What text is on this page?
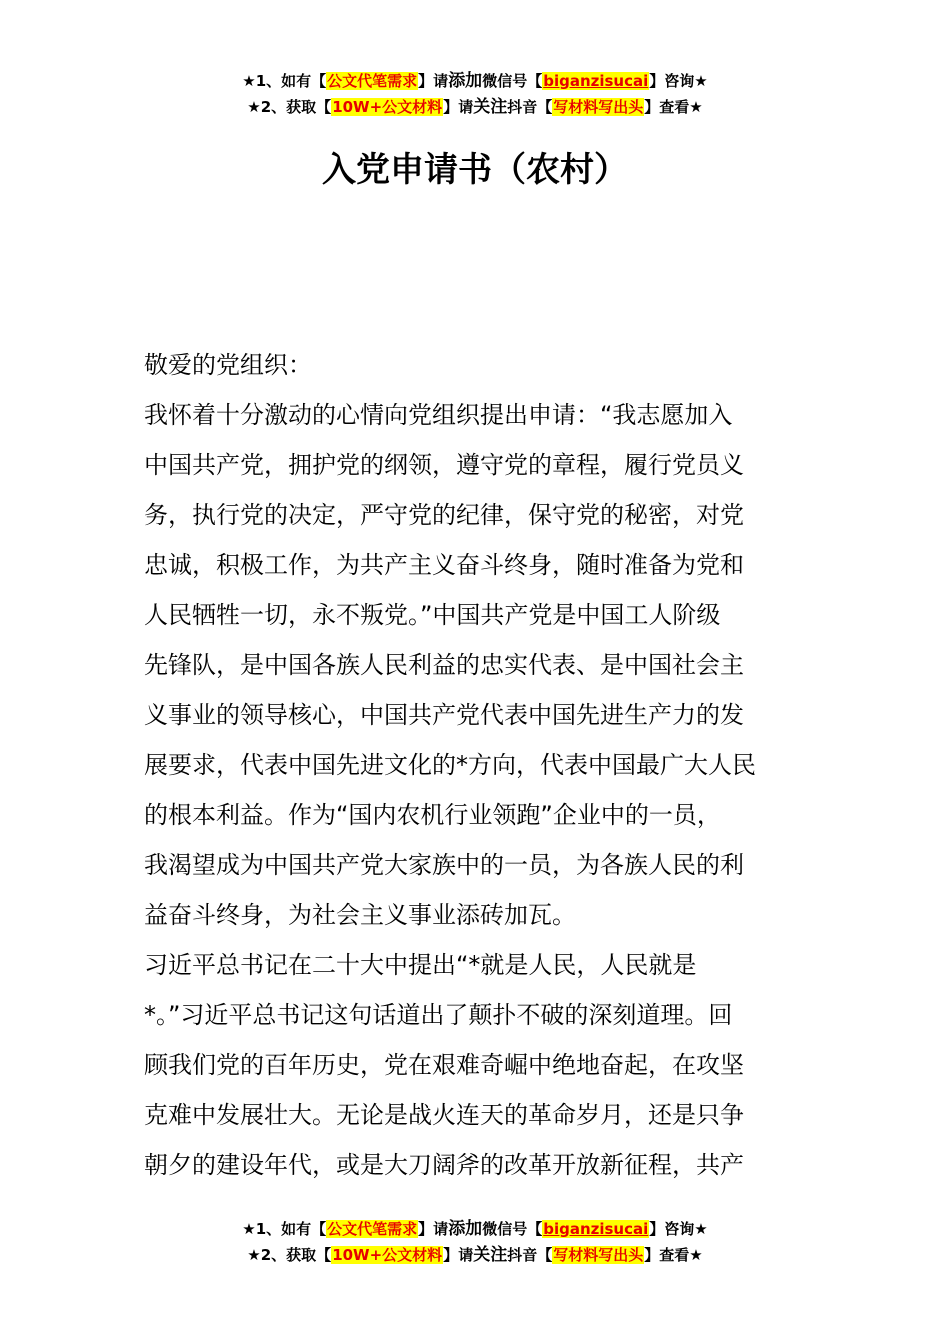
★1、如有【公文代笔需求】请添加微信号【biganzisucai】咨询★
★2、获取【10W+公文材料】请关注抖音【写材料写出头】查看★
入党申请书（农村）
敬爱的党组织：
我怀着十分激动的心情向党组织提出申请：“我志愿加入
中国共产党，拥护党的纲领，遵守党的章程，履行党员义
务，执行党的决定，严守党的纪律，保守党的秘密，对党
忠诚，积极工作，为共产主义奋斗终身，随时准备为党和
人民牺牲一切，永不叛党。”中国共产党是中国工人阶级
先锋队，是中国各族人民利益的忠实代表、是中国社会主
义事业的领导核心，中国共产党代表中国先进生产力的发
展要求，代表中国先进文化的*方向，代表中国最广大人民
的根本利益。作为“国内农机行业领跑”企业中的一员，
我渴望成为中国共产党大家族中的一员，为各族人民的利
益奋斗终身，为社会主义事业添砖加瓦。
习近平总书记在二十大中提出“*就是人民，人民就是
*。”习近平总书记这句话道出了颠扑不破的深刻道理。回
顾我们党的百年历史，党在艰难奇崛中绝地奋起，在攻坚
克难中发展壮大。无论是战火连天的革命岁月，还是只争
朝夕的建设年代，或是大刀阔斧的改革开放新征程，共产
★1、如有【公文代笔需求】请添加微信号【biganzisucai】咨询★
★2、获取【10W+公文材料】请关注抖音【写材料写出头】查看★
